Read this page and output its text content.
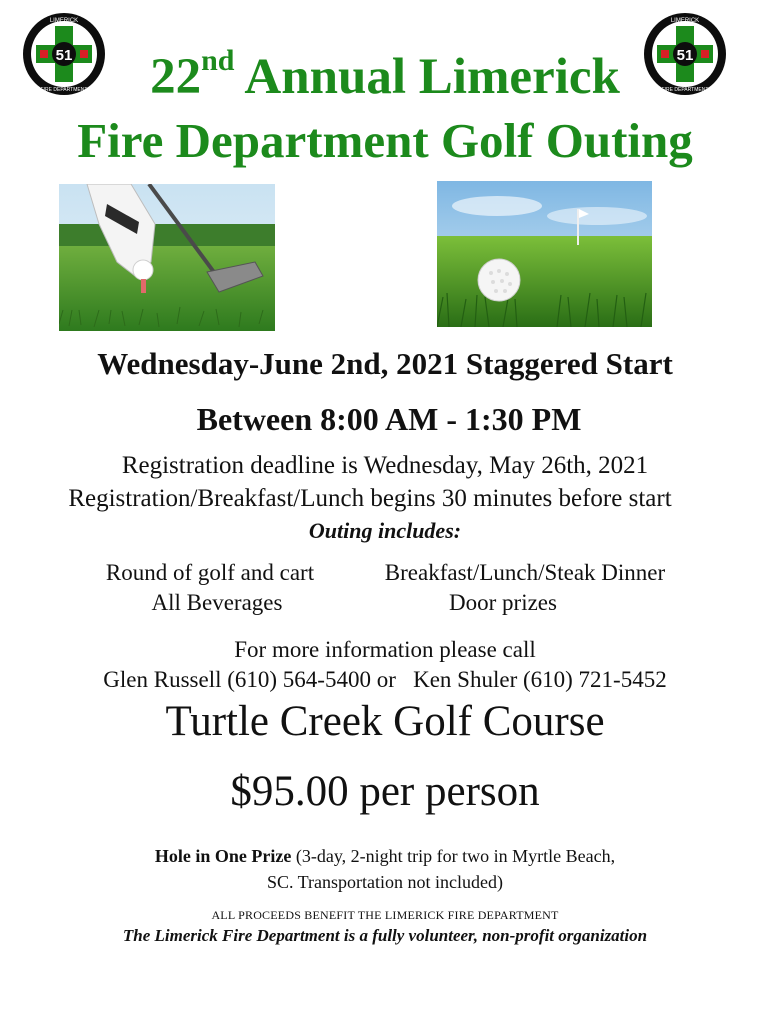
51
LIMERICK
FIRE DEPARTMENT
51
LIMERICK
FIRE DEPARTMENT
22nd Annual Limerick
Fire Department Golf Outing
Wednesday-June 2nd, 2021 Staggered Start
Between 8:00 AM - 1:30 PM
Registration deadline is Wednesday, May 26th, 2021
Registration/Breakfast/Lunch begins 30 minutes before start
Outing includes:
Round of golf and cart	Breakfast/Lunch/Steak Dinner
All Beverages	Door prizes
For more information please call
Glen Russell (610) 564-5400 or   Ken Shuler (610) 721-5452
Turtle Creek Golf Course
$95.00 per person
Hole in One Prize (3-day, 2-night trip for two in Myrtle Beach,
SC. Transportation not included)
ALL PROCEEDS BENEFIT THE LIMERICK FIRE DEPARTMENT
The Limerick Fire Department is a fully volunteer, non-profit organization
